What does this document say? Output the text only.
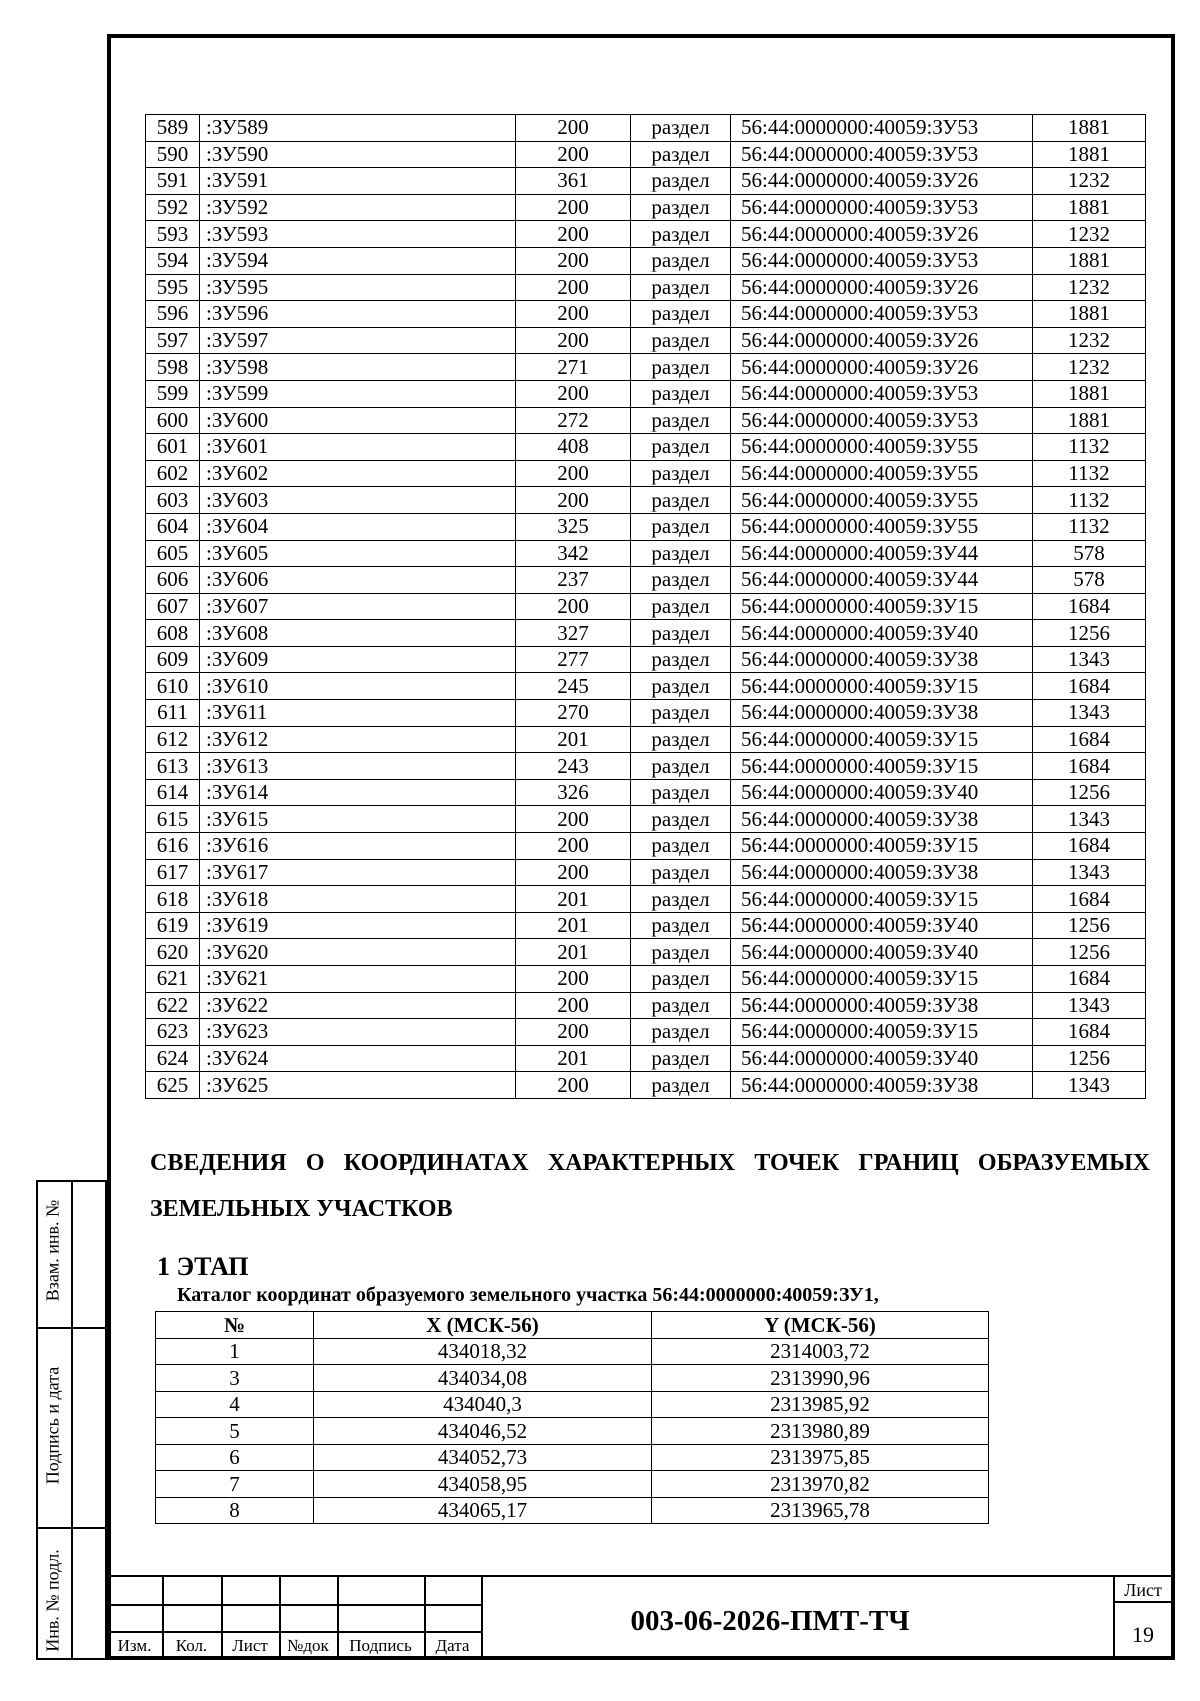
589	:ЗУ589	200	раздел	56:44:0000000:40059:ЗУ53	1881
590	:ЗУ590	200	раздел	56:44:0000000:40059:ЗУ53	1881
591	:ЗУ591	361	раздел	56:44:0000000:40059:ЗУ26	1232
592	:ЗУ592	200	раздел	56:44:0000000:40059:ЗУ53	1881
593	:ЗУ593	200	раздел	56:44:0000000:40059:ЗУ26	1232
594	:ЗУ594	200	раздел	56:44:0000000:40059:ЗУ53	1881
595	:ЗУ595	200	раздел	56:44:0000000:40059:ЗУ26	1232
596	:ЗУ596	200	раздел	56:44:0000000:40059:ЗУ53	1881
597	:ЗУ597	200	раздел	56:44:0000000:40059:ЗУ26	1232
598	:ЗУ598	271	раздел	56:44:0000000:40059:ЗУ26	1232
599	:ЗУ599	200	раздел	56:44:0000000:40059:ЗУ53	1881
600	:ЗУ600	272	раздел	56:44:0000000:40059:ЗУ53	1881
601	:ЗУ601	408	раздел	56:44:0000000:40059:ЗУ55	1132
602	:ЗУ602	200	раздел	56:44:0000000:40059:ЗУ55	1132
603	:ЗУ603	200	раздел	56:44:0000000:40059:ЗУ55	1132
604	:ЗУ604	325	раздел	56:44:0000000:40059:ЗУ55	1132
605	:ЗУ605	342	раздел	56:44:0000000:40059:ЗУ44	578
606	:ЗУ606	237	раздел	56:44:0000000:40059:ЗУ44	578
607	:ЗУ607	200	раздел	56:44:0000000:40059:ЗУ15	1684
608	:ЗУ608	327	раздел	56:44:0000000:40059:ЗУ40	1256
609	:ЗУ609	277	раздел	56:44:0000000:40059:ЗУ38	1343
610	:ЗУ610	245	раздел	56:44:0000000:40059:ЗУ15	1684
611	:ЗУ611	270	раздел	56:44:0000000:40059:ЗУ38	1343
612	:ЗУ612	201	раздел	56:44:0000000:40059:ЗУ15	1684
613	:ЗУ613	243	раздел	56:44:0000000:40059:ЗУ15	1684
614	:ЗУ614	326	раздел	56:44:0000000:40059:ЗУ40	1256
615	:ЗУ615	200	раздел	56:44:0000000:40059:ЗУ38	1343
616	:ЗУ616	200	раздел	56:44:0000000:40059:ЗУ15	1684
617	:ЗУ617	200	раздел	56:44:0000000:40059:ЗУ38	1343
618	:ЗУ618	201	раздел	56:44:0000000:40059:ЗУ15	1684
619	:ЗУ619	201	раздел	56:44:0000000:40059:ЗУ40	1256
620	:ЗУ620	201	раздел	56:44:0000000:40059:ЗУ40	1256
621	:ЗУ621	200	раздел	56:44:0000000:40059:ЗУ15	1684
622	:ЗУ622	200	раздел	56:44:0000000:40059:ЗУ38	1343
623	:ЗУ623	200	раздел	56:44:0000000:40059:ЗУ15	1684
624	:ЗУ624	201	раздел	56:44:0000000:40059:ЗУ40	1256
625	:ЗУ625	200	раздел	56:44:0000000:40059:ЗУ38	1343

СВЕДЕНИЯ О КООРДИНАТАХ ХАРАКТЕРНЫХ ТОЧЕК ГРАНИЦ ОБРАЗУЕМЫХ ЗЕМЕЛЬНЫХ УЧАСТКОВ

1 ЭТАП

Каталог координат образуемого земельного участка 56:44:0000000:40059:ЗУ1,

№	X (МСК-56)	Y (МСК-56)
1	434018,32	2314003,72
3	434034,08	2313990,96
4	434040,3	2313985,92
5	434046,52	2313980,89
6	434052,73	2313975,85
7	434058,95	2313970,82
8	434065,17	2313965,78
Взам. инв. №
Подпись и дата
Инв. № подл.	Изм.	Кол.	Лист	№док	Подпись	Дата
003-06-2026-ПМТ-ТЧ
Лист
19
